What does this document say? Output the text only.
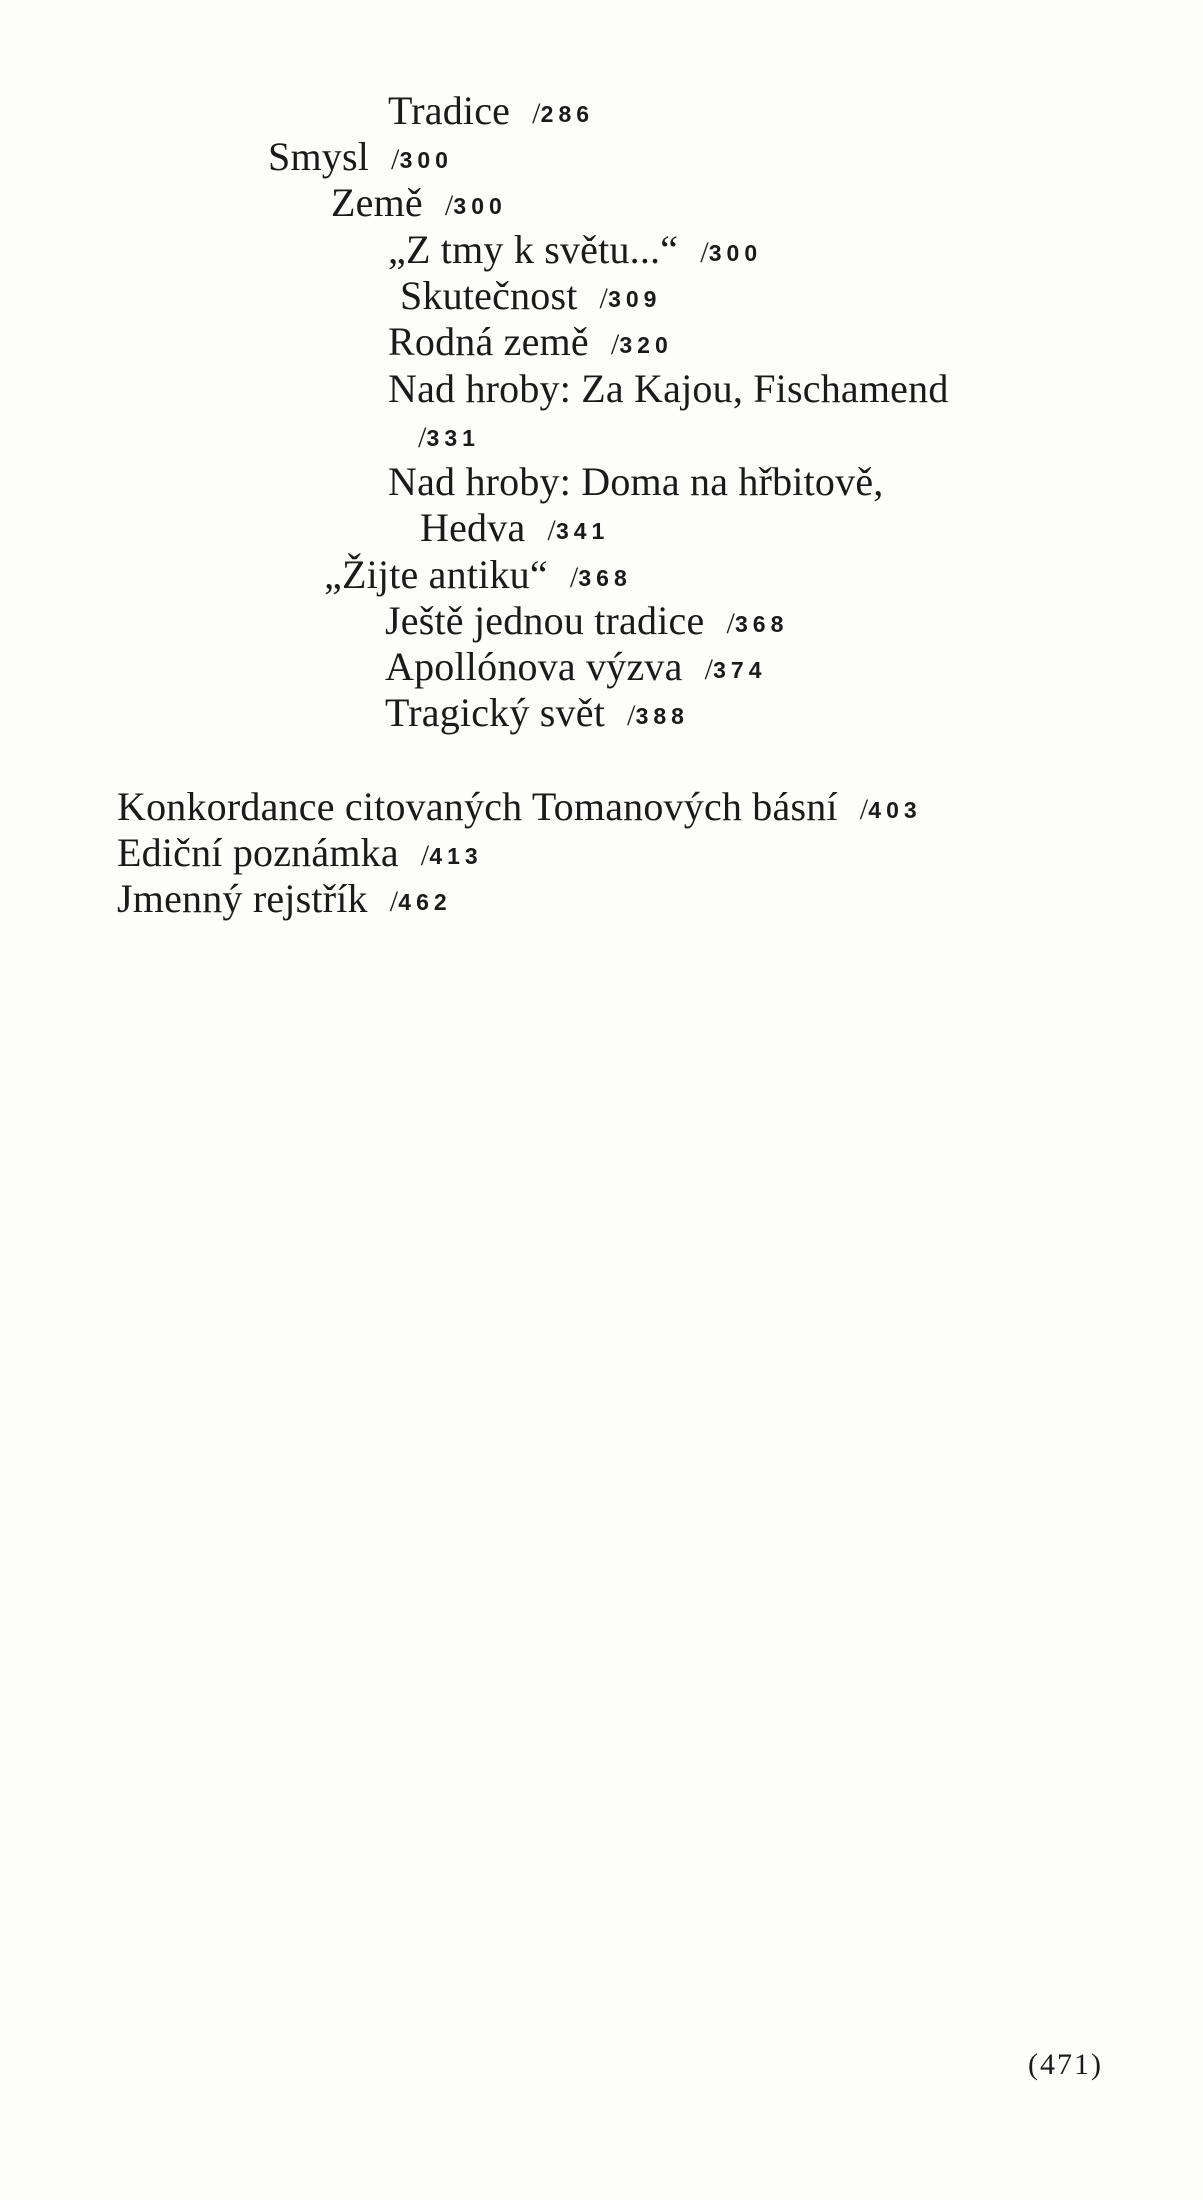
Tradice /286
Smysl /300
Země /300
„Z tmy k světu...“ /300
Skutečnost /309
Rodná země /320
Nad hroby: Za Kajou, Fischamend
/331
Nad hroby: Doma na hřbitově,
Hedva /341
„Žijte antiku“ /368
Ještě jednou tradice /368
Apollónova výzva /374
Tragický svět /388
Konkordance citovaných Tomanových básní /403
Ediční poznámka /413
Jmenný rejstřík /462
(471)
